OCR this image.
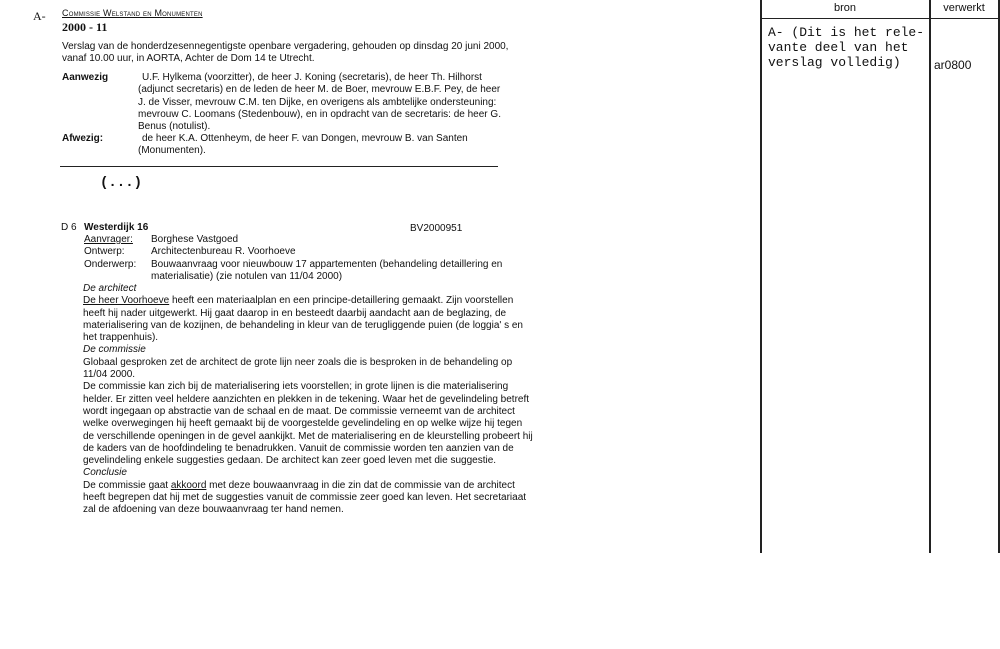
A- Commissie Welstand en Monumenten
2000 - 11
Verslag van de honderdzesennegentigste openbare vergadering, gehouden op dinsdag 20 juni 2000,
vanaf 10.00 uur, in AORTA, Achter de Dom 14 te Utrecht.
Aanwezig	U.F. Hylkema (voorzitter), de heer J. Koning (secretaris), de heer Th. Hilhorst
(adjunct secretaris) en de leden de heer M. de Boer, mevrouw E.B.F. Pey, de heer
J. de Visser, mevrouw C.M. ten Dijke, en overigens als ambtelijke ondersteuning:
mevrouw C. Loomans (Stedenbouw), en in opdracht van de secretaris: de heer G.
Benus (notulist).
Afwezig:	de heer K.A. Ottenheym, de heer F. van Dongen, mevrouw B. van Santen
(Monumenten).
(...)
D 6 Westerdijk 16	BV2000951
Aanvrager:	Borghese Vastgoed
Ontwerp:	Architectenbureau R. Voorhoeve
Onderwerp:	Bouwaanvraag voor nieuwbouw 17 appartementen (behandeling detaillering en
materialisatie) (zie notulen van 11/04 2000)
De architect
De heer Voorhoeve heeft een materiaalplan en een principe-detaillering gemaakt. Zijn voorstellen
heeft hij nader uitgewerkt. Hij gaat daarop in en besteedt daarbij aandacht aan de beglazing, de
materialisering van de kozijnen, de behandeling in kleur van de terugliggende puien (de loggia' s en
het trappenhuis).
De commissie
Globaal gesproken zet de architect de grote lijn neer zoals die is besproken in de behandeling op
11/04 2000.
De commissie kan zich bij de materialisering iets voorstellen; in grote lijnen is die materialisering
helder. Er zitten veel heldere aanzichten en plekken in de tekening. Waar het de gevelindeling betreft
wordt ingegaan op abstractie van de schaal en de maat. De commissie verneemt van de architect
welke overwegingen hij heeft gemaakt bij de voorgestelde gevelindeling en op welke wijze hij tegen
de verschillende openingen in de gevel aankijkt. Met de materialisering en de kleurstelling probeert hij
de kaders van de hoofdindeling te benadrukken. Vanuit de commissie worden ten aanzien van de
gevelindeling enkele suggesties gedaan. De architect kan zeer goed leven met die suggestie.
Conclusie
De commissie gaat akkoord met deze bouwaanvraag in die zin dat de commissie van de architect
heeft begrepen dat hij met de suggesties vanuit de commissie zeer goed kan leven. Het secretariaat
zal de afdoening van deze bouwaanvraag ter hand nemen.
bron	verwerkt
A- (Dit is het rele-
vante deel van het
verslag volledig)	ar0800
